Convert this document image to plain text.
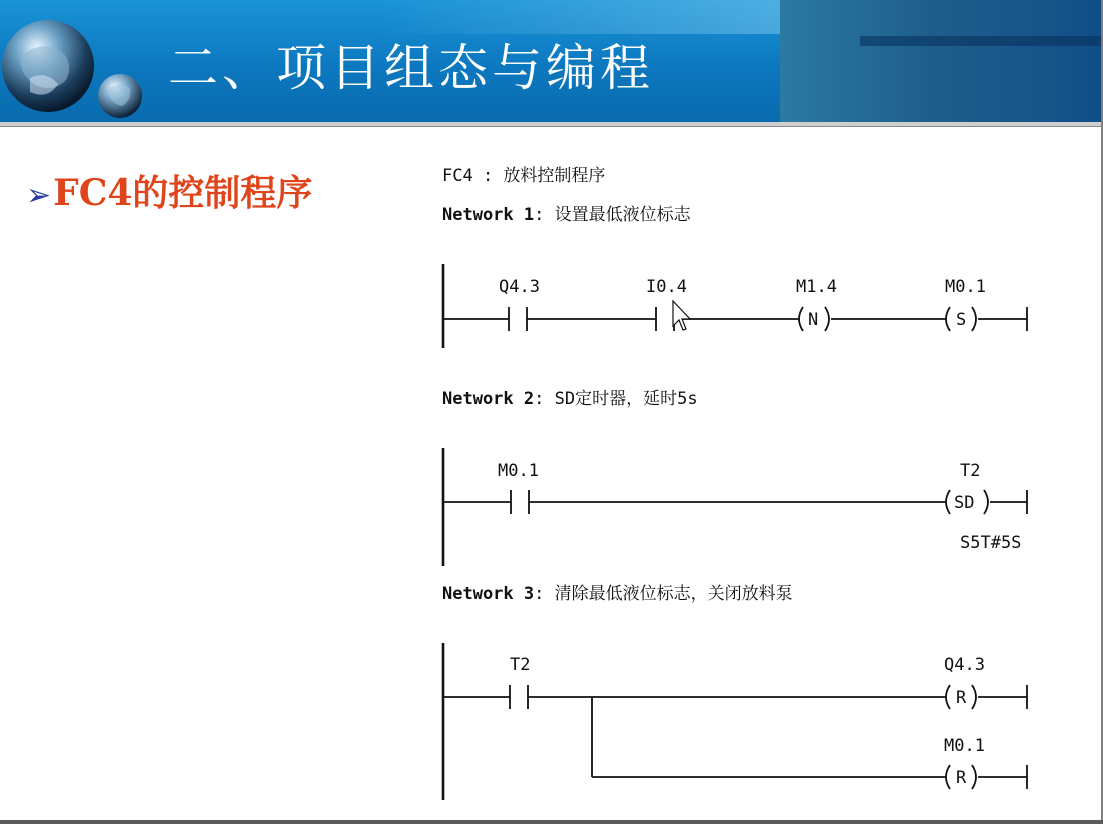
二、项目组态与编程
➢FC4的控制程序	FC4 : 放料控制程序
Network 1: 设置最低液位标志
Network 2: SD定时器，延时5s
Network 3: 清除最低液位标志，关闭放料泵
Q4.3	I0.4
N
M1.4
S
M0.1
M0.1
SD
T2
S5T#5S
T2
R
Q4.3
R
M0.1
